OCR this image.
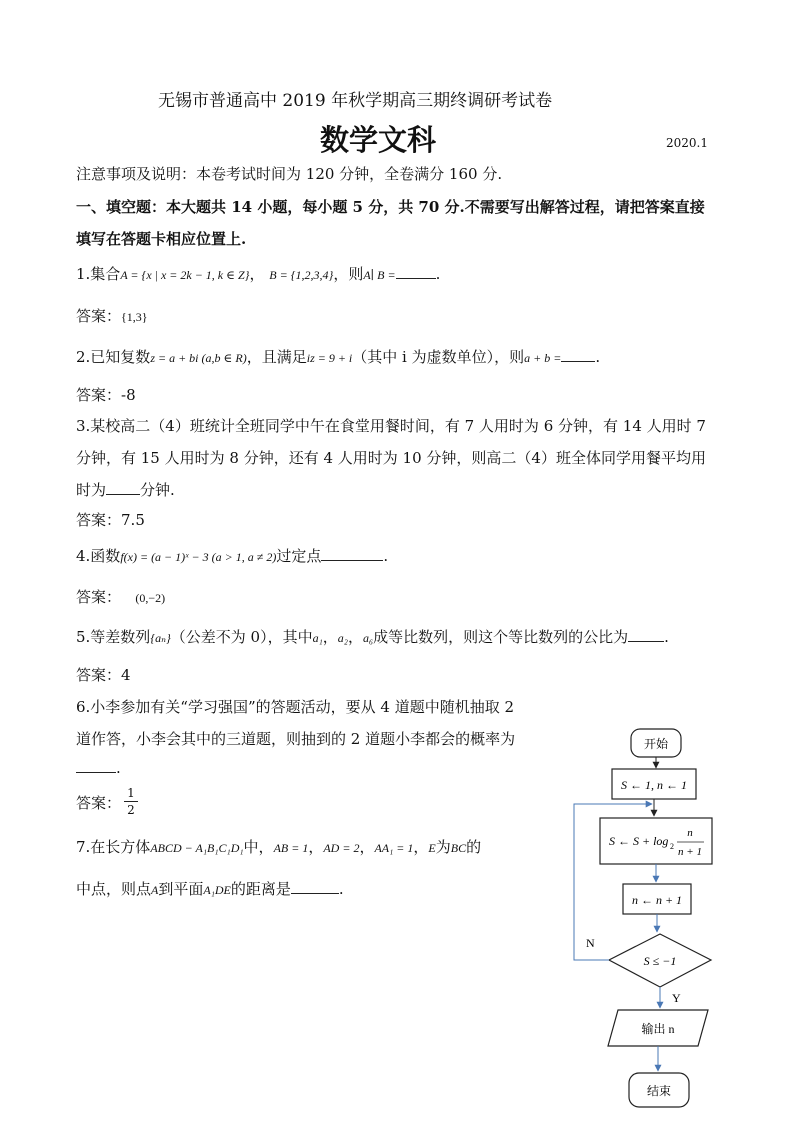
无锡市普通高中 2019 年秋学期高三期终调研考试卷
数学文科	2020.1
注意事项及说明：本卷考试时间为 120 分钟，全卷满分 160 分.
一、填空题：本大题共 14 小题，每小题 5 分，共 70 分.不需要写出解答过程，请把答案直接
填写在答题卡相应位置上.
1.集合A = {x | x = 2k − 1, k ∈ Z}， B = {1,2,3,4}，则A∣ B =	.
答案：{1,3}
2.已知复数z = a + bi (a,b ∈ R)，且满足iz = 9 + i（其中 i 为虚数单位），则a + b = .
答案：-8
3.某校高二（4）班统计全班同学中午在食堂用餐时间，有 7 人用时为 6 分钟，有 14 人用时 7
分钟，有 15 人用时为 8 分钟，还有 4 人用时为 10 分钟，则高二（4）班全体同学用餐平均用
时为 分钟.
答案：7.5
4.函数f(x) = (a − 1)ˣ − 3 (a > 1, a ≠ 2)过定点	.
答案： (0,−2)
5.等差数列{aₙ}（公差不为 0），其中a₁，a₂，a₆成等比数列，则这个等比数列的公比为 .
答案：4
6.小李参加有关“学习强国”的答题活动，要从 4 道题中随机抽取 2
道作答，小李会其中的三道题，则抽到的 2 道题小李都会的概率为
.
答案：
1
2
7.在长方体ABCD − A₁B₁C₁D₁中，AB = 1，AD = 2，AA₁ = 1，E为BC的
中点，则点A到平面A₁DE的距离是	.
开始
S ← 1, n ← 1
S ← S + log 2
n
n + 1
n ← n + 1
S ≤ −1
N
Y
输出 n
结束
